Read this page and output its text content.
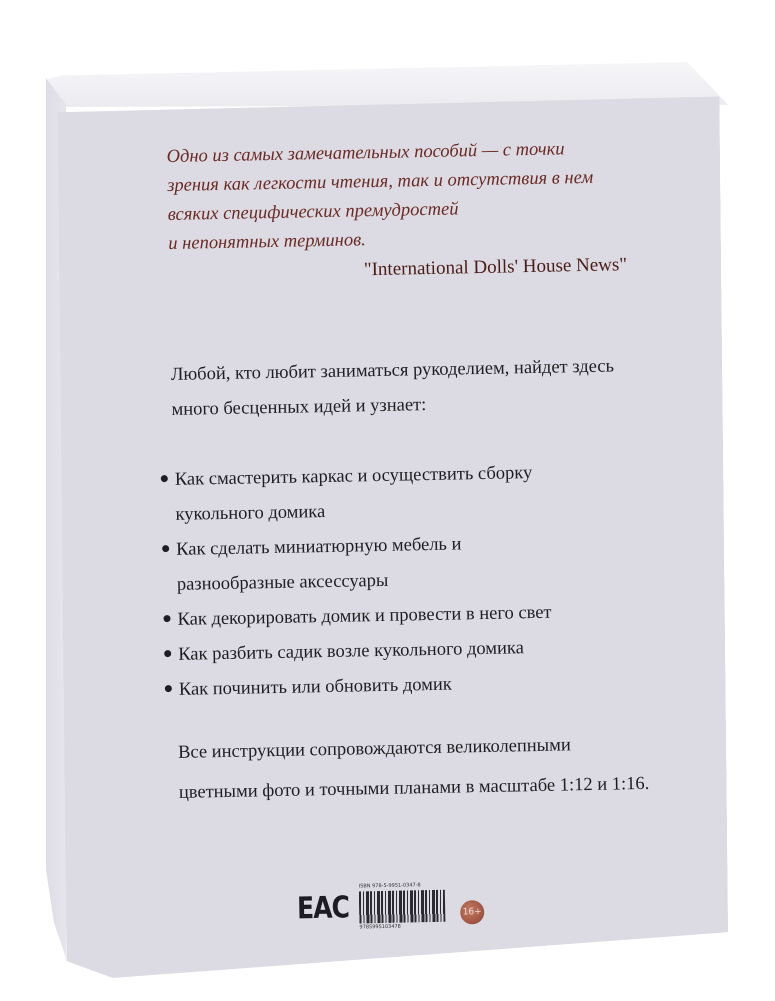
Одно из самых замечательных пособий — с точки

зрения как легкости чтения, так и отсутствия в нем

всяких специфических премудростей

и непонятных терминов.

"International Dolls' House News"

Любой, кто любит заниматься рукоделием, найдет здесь

много бесценных идей и узнает:

Как смастерить каркас и осуществить сборку
кукольного домика
Как сделать миниатюрную мебель и
разнообразные аксессуары
Как декорировать домик и провести в него свет
Как разбить садик возле кукольного домика
Как починить или обновить домик

Все инструкции сопровождаются великолепными

цветными фото и точными планами в масштабе 1:12 и 1:16.

EAC
ISBN 978-5-9951-0347-8
9785995103478
16+
